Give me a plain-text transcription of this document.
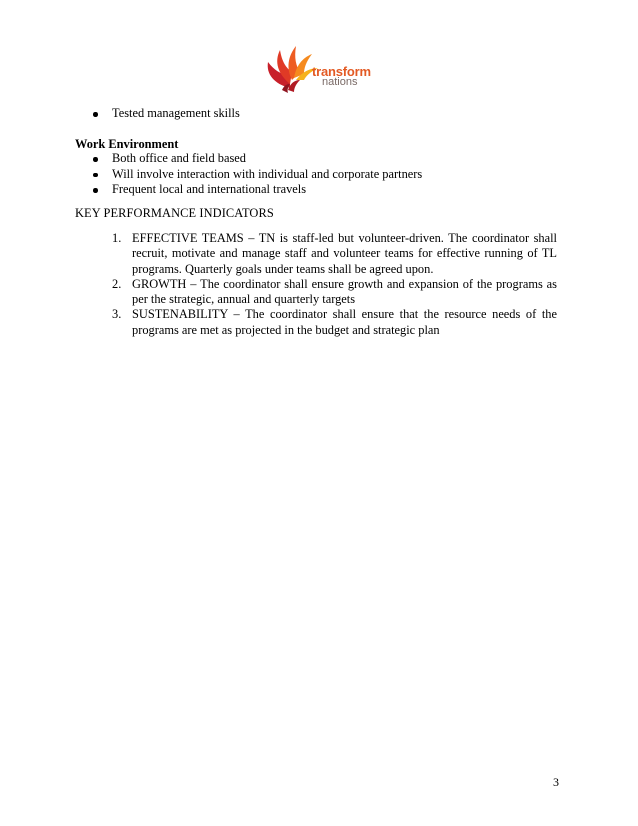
transform
nations
Tested management skills
Work Environment
Both office and field based
Will involve interaction with individual and corporate partners
Frequent local and international travels
KEY PERFORMANCE INDICATORS
1. EFFECTIVE TEAMS – TN is staff-led but volunteer-driven. The coordinator shall recruit, motivate and manage staff and volunteer teams for effective running of TL programs. Quarterly goals under teams shall be agreed upon.
2. GROWTH – The coordinator shall ensure growth and expansion of the programs as per the strategic, annual and quarterly targets
3. SUSTENABILITY – The coordinator shall ensure that the resource needs of the programs are met as projected in the budget and strategic plan
3
